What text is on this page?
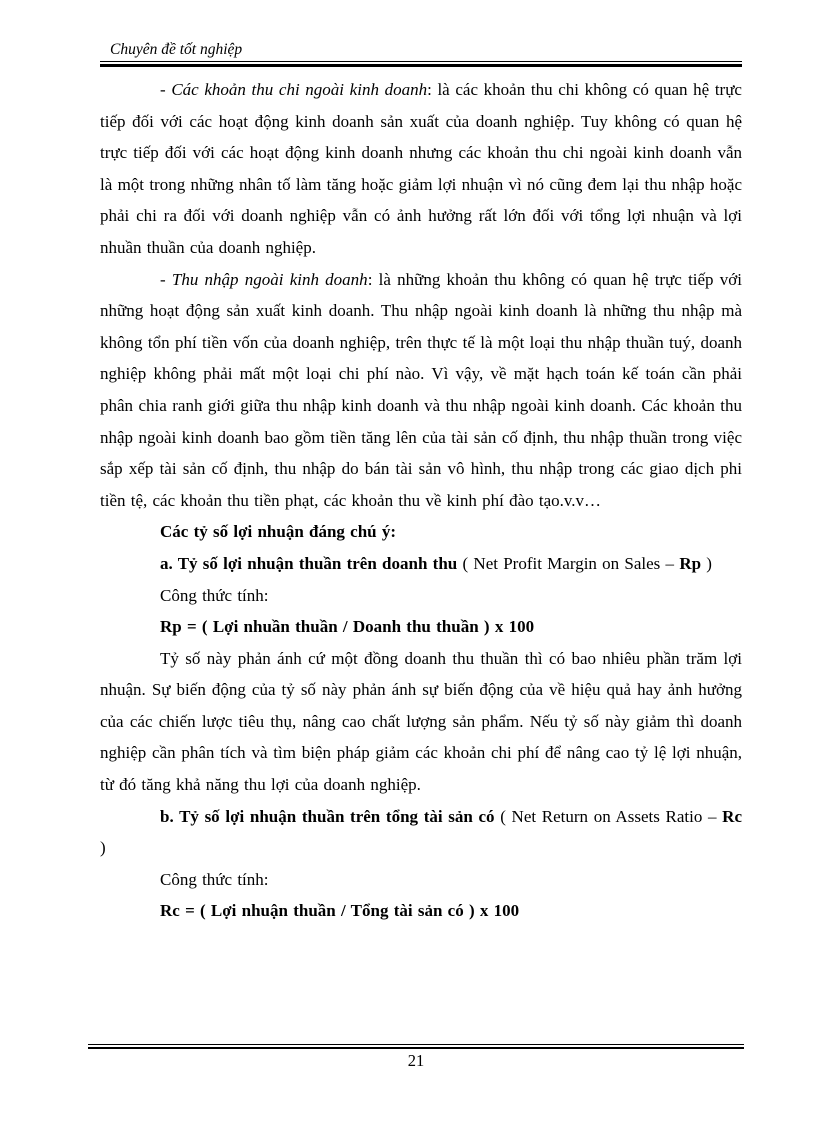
Chuyên đề tốt nghiệp

- Các khoản thu chi ngoài kinh doanh: là các khoản thu chi không có quan hệ trực tiếp đối với các hoạt động kinh doanh sản xuất của doanh nghiệp. Tuy không có quan hệ trực tiếp đối với các hoạt động kinh doanh nhưng các khoản thu chi ngoài kinh doanh vẫn là một trong những nhân tố làm tăng hoặc giảm lợi nhuận vì nó cũng đem lại thu nhập hoặc phải chi ra đối với doanh nghiệp vẫn có ảnh hưởng rất lớn đối với tổng lợi nhuận và lợi nhuần thuần của doanh nghiệp.

- Thu nhập ngoài kinh doanh: là những khoản thu không có quan hệ trực tiếp với những hoạt động sản xuất kinh doanh. Thu nhập ngoài kinh doanh là những thu nhập mà không tổn phí tiền vốn của doanh nghiệp, trên thực tế là một loại thu nhập thuần tuý, doanh nghiệp không phải mất một loại chi phí nào. Vì vậy, về mặt hạch toán kế toán cần phải phân chia ranh giới giữa thu nhập kinh doanh và thu nhập ngoài kinh doanh. Các khoản thu nhập ngoài kinh doanh bao gồm tiền tăng lên của tài sản cố định, thu nhập thuần trong việc sắp xếp tài sản cố định, thu nhập do bán tài sản vô hình, thu nhập trong các giao dịch phi tiền tệ, các khoản thu tiền phạt, các khoản thu về kinh phí đào tạo.v.v…

Các tỷ số lợi nhuận đáng chú ý:

a. Tỷ số lợi nhuận thuần trên doanh thu ( Net Profit Margin on Sales – Rp )

Công thức tính:

Rp = ( Lợi nhuần thuần / Doanh thu thuần ) x 100

Tỷ số này phản ánh cứ một đồng doanh thu thuần thì có bao nhiêu phần trăm lợi nhuận. Sự biến động của tỷ số này phản ánh sự biến động của về hiệu quả hay ảnh hưởng của các chiến lược tiêu thụ, nâng cao chất lượng sản phẩm. Nếu tỷ số này giảm thì doanh nghiệp cần phân tích và tìm biện pháp giảm các khoản chi phí để nâng cao tỷ lệ lợi nhuận, từ đó tăng khả năng thu lợi của doanh nghiệp.

b. Tỷ số lợi nhuận thuần trên tổng tài sản có ( Net Return on Assets Ratio – Rc )

Công thức tính:

Rc = ( Lợi nhuận thuần / Tổng tài sản có ) x 100

21
